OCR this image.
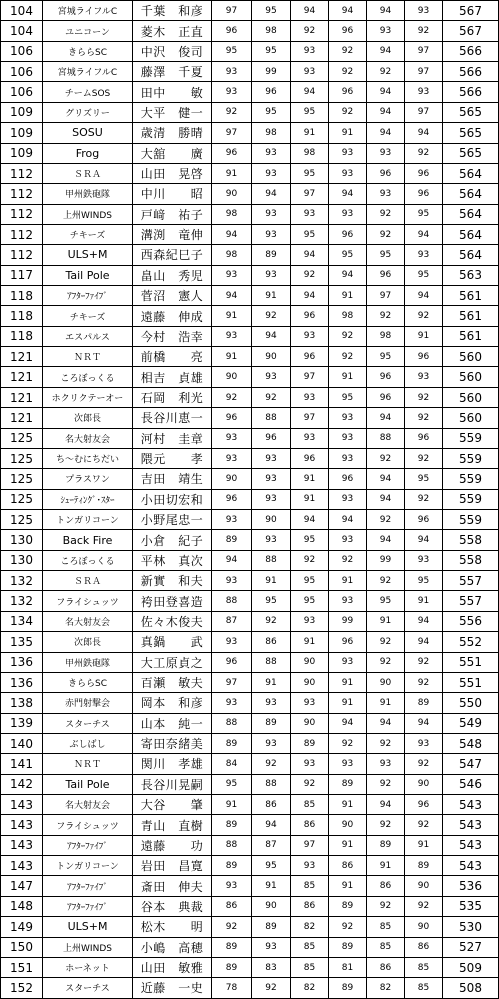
104	宮城ライフルC	千葉　和彦	97	95	94	94	94	93	567
104	ユニコーン	菱木　正直	96	98	92	96	93	92	567
106	きららSC	中沢　俊司	95	95	93	92	94	97	566
106	宮城ライフルC	藤澤　千夏	93	99	93	92	92	97	566
106	チームSOS	田中　　敏	93	96	94	96	94	93	566
109	グリズリー	大平　健一	92	95	95	92	94	97	565
109	SOSU	歳清　勝晴	97	98	91	91	94	94	565
109	Frog	大舘　　廣	96	93	98	93	93	92	565
112	ＳＲＡ	山田　晃啓	91	93	95	93	96	96	564
112	甲州鉄砲隊	中川　　昭	90	94	97	94	93	96	564
112	上州WINDS	戸﨑　祐子	98	93	93	93	92	95	564
112	チキーズ	溝渕　竜伸	94	93	95	96	92	94	564
112	ULS+M	西森紀巳子	98	89	94	95	95	93	564
117	Tail Pole	畠山　秀児	93	93	92	94	96	95	563
118	ｱﾌﾀｰﾌｧｲﾌﾞ	菅沼　憲人	94	91	94	91	97	94	561
118	チキーズ	遠藤　伸成	91	92	96	98	92	92	561
118	エスパルス	今村　浩幸	93	94	93	92	98	91	561
121	ＮＲＴ	前橋　　亮	91	90	96	92	95	96	560
121	ころぼっくる	相吉　貞雄	90	93	97	91	96	93	560
121	ホクリクテーオー	石岡　利光	92	92	93	95	96	92	560
121	次郎長	長谷川恵一	96	88	97	93	94	92	560
125	名大射友会	河村　圭章	93	96	93	93	88	96	559
125	ち～むにちだい	隈元　　孝	93	93	96	93	92	92	559
125	プラスワン	吉田　靖生	90	93	91	96	94	95	559
125	ｼｭｰﾃｨﾝｸﾞ･ｽﾀｰ	小田切宏和	96	93	91	93	94	92	559
125	トンガリコーン	小野尾忠一	93	90	94	94	92	96	559
130	Back Fire	小倉　紀子	89	93	95	93	94	94	558
130	ころぼっくる	平林　真次	94	88	92	92	99	93	558
132	ＳＲＡ	新實　和夫	93	91	95	91	92	95	557
132	フライシュッツ	袴田登喜造	88	95	95	93	95	91	557
134	名大射友会	佐々木俊夫	87	92	93	99	91	94	556
135	次郎長	真鍋　　武	93	86	91	96	92	94	552
136	甲州鉄砲隊	大工原貞之	96	88	90	93	92	92	551
136	きららSC	百瀬　敏夫	97	91	90	91	90	92	551
138	赤門射撃会	岡本　和彦	93	93	93	91	91	89	550
139	スターチス	山本　純一	88	89	90	94	94	94	549
140	ぶしばし	寄田奈緒美	89	93	89	92	92	93	548
141	ＮＲＴ	関川　孝雄	84	92	93	93	93	92	547
142	Tail Pole	長谷川晃嗣	95	88	92	89	92	90	546
143	名大射友会	大谷　　肇	91	86	85	91	94	96	543
143	フライシュッツ	青山　直樹	89	94	86	90	92	92	543
143	ｱﾌﾀｰﾌｧｲﾌﾞ	遠藤　　功	88	87	97	91	89	91	543
143	トンガリコーン	岩田　昌寛	89	95	93	86	91	89	543
147	ｱﾌﾀｰﾌｧｲﾌﾞ	斎田　伸夫	93	91	85	91	86	90	536
148	ｱﾌﾀｰﾌｧｲﾌﾞ	谷本　典裁	86	90	86	89	92	92	535
149	ULS+M	松木　　明	92	89	82	92	85	90	530
150	上州WINDS	小嶋　高穂	89	93	85	89	85	86	527
151	ホーネット	山田　敏雅	89	83	85	81	86	85	509
152	スターチス	近藤　一史	78	92	82	89	82	85	508
